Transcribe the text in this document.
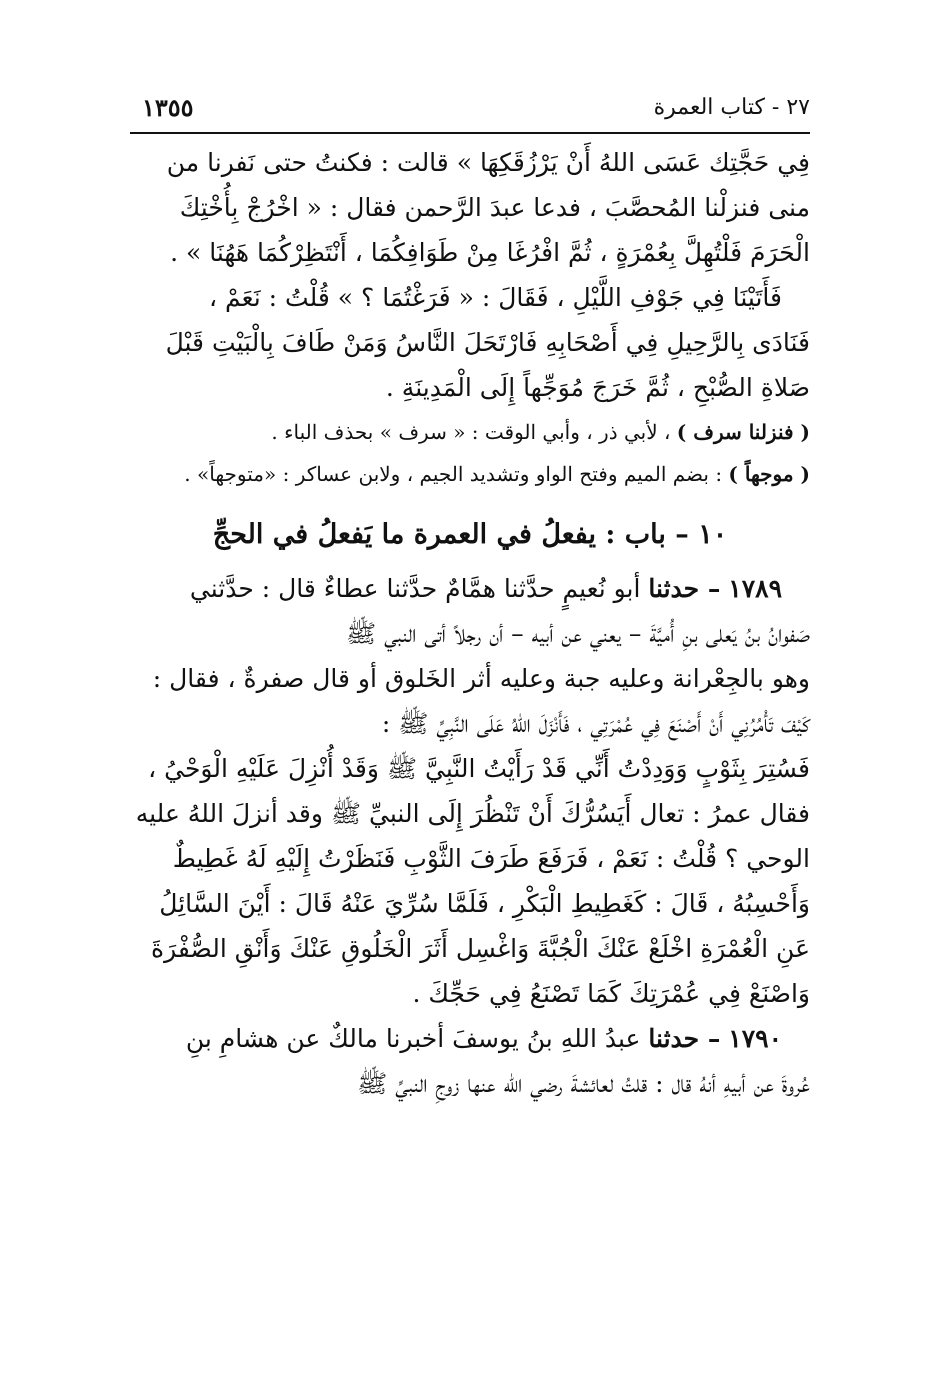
٢٧ - كتاب العمرة
١٣٥٥
فِي حَجَّتِك عَسَى اللهُ أَنْ يَرْزُقَكِهَا » قالت : فكنتُ حتى نَفرنا من
منى فنزلْنا المُحصَّبَ ، فدعا عبدَ الرَّحمن فقال : « اخْرُجْ بِأُخْتِكَ
الْحَرَمَ فَلْتُهِلَّ بِعُمْرَةٍ ، ثُمَّ افْرُغَا مِنْ طَوَافِكُمَا ، أَنْتَظِرْكُمَا هَهُنَا » .
فَأَتَيْنَا فِي جَوْفِ اللَّيْلِ ، فَقَالَ : « فَرَغْتُمَا ؟ » قُلْتُ : نَعَمْ ،
فَنَادَى بِالرَّحِيلِ فِي أَصْحَابِهِ فَارْتَحَلَ النَّاسُ وَمَنْ طَافَ بِالْبَيْتِ قَبْلَ
صَلاةِ الصُّبْحِ ، ثُمَّ خَرَجَ مُوَجِّهاً إِلَى الْمَدِينَةِ .

( فنزلنا سرف ) ، لأبي ذر ، وأبي الوقت : « سرف » بحذف الباء .

( موجهاً ) : بضم الميم وفتح الواو وتشديد الجيم ، ولابن عساكر : «متوجهاً» .

١٠ – باب : يفعلُ في العمرة ما يَفعلُ في الحجِّ
١٧٨٩ – حدثنا أبو نُعيمٍ حدَّثنا همَّامٌ حدَّثنا عطاءٌ قال : حدَّثني
صَفوانُ بنُ يَعلى بنِ أُميَّةَ – يعني عن أبيه – أن رجلاً أتى النبي ﷺ
وهو بالجِعْرانة وعليه جبة وعليه أثر الخَلوق أو قال صفرةٌ ، فقال :
كَيْفَ تَأْمُرُنِي أَنْ أَصْنَعَ فِي عُمْرَتِي ، فَأَنْزَلَ اللهُ عَلَى النَّبِيِّ ﷺ :
فَسُتِرَ بِثَوْبٍ وَوَدِدْتُ أَنِّي قَدْ رَأَيْتُ النَّبِيَّ ﷺ وَقَدْ أُنْزِلَ عَلَيْهِ الْوَحْيُ ،
فقال عمرُ : تعال أَيَسُرُّكَ أَنْ تَنْظُرَ إِلَى النبيِّ ﷺ وقد أنزلَ اللهُ عليه
الوحي ؟ قُلْتُ : نَعَمْ ، فَرَفَعَ طَرَفَ الثَّوْبِ فَنَظَرْتُ إِلَيْهِ لَهُ غَطِيطٌ
وَأَحْسِبُهُ ، قَالَ : كَغَطِيطِ الْبَكْرِ ، فَلَمَّا سُرِّيَ عَنْهُ قَالَ : أَيْنَ السَّائِلُ
عَنِ الْعُمْرَةِ اخْلَعْ عَنْكَ الْجُبَّةَ وَاغْسِل أَثَرَ الْخَلُوقِ عَنْكَ وَأَنْقِ الصُّفْرَةَ
وَاصْنَعْ فِي عُمْرَتِكَ كَمَا تَصْنَعُ فِي حَجِّكَ .
١٧٩٠ – حدثنا عبدُ اللهِ بنُ يوسفَ أخبرنا مالكٌ عن هشامِ بنِ
عُروةَ عن أبيهِ أنهُ قال : قلتُ لعائشةَ رضي الله عنها زوجِ النبيِّ ﷺ
